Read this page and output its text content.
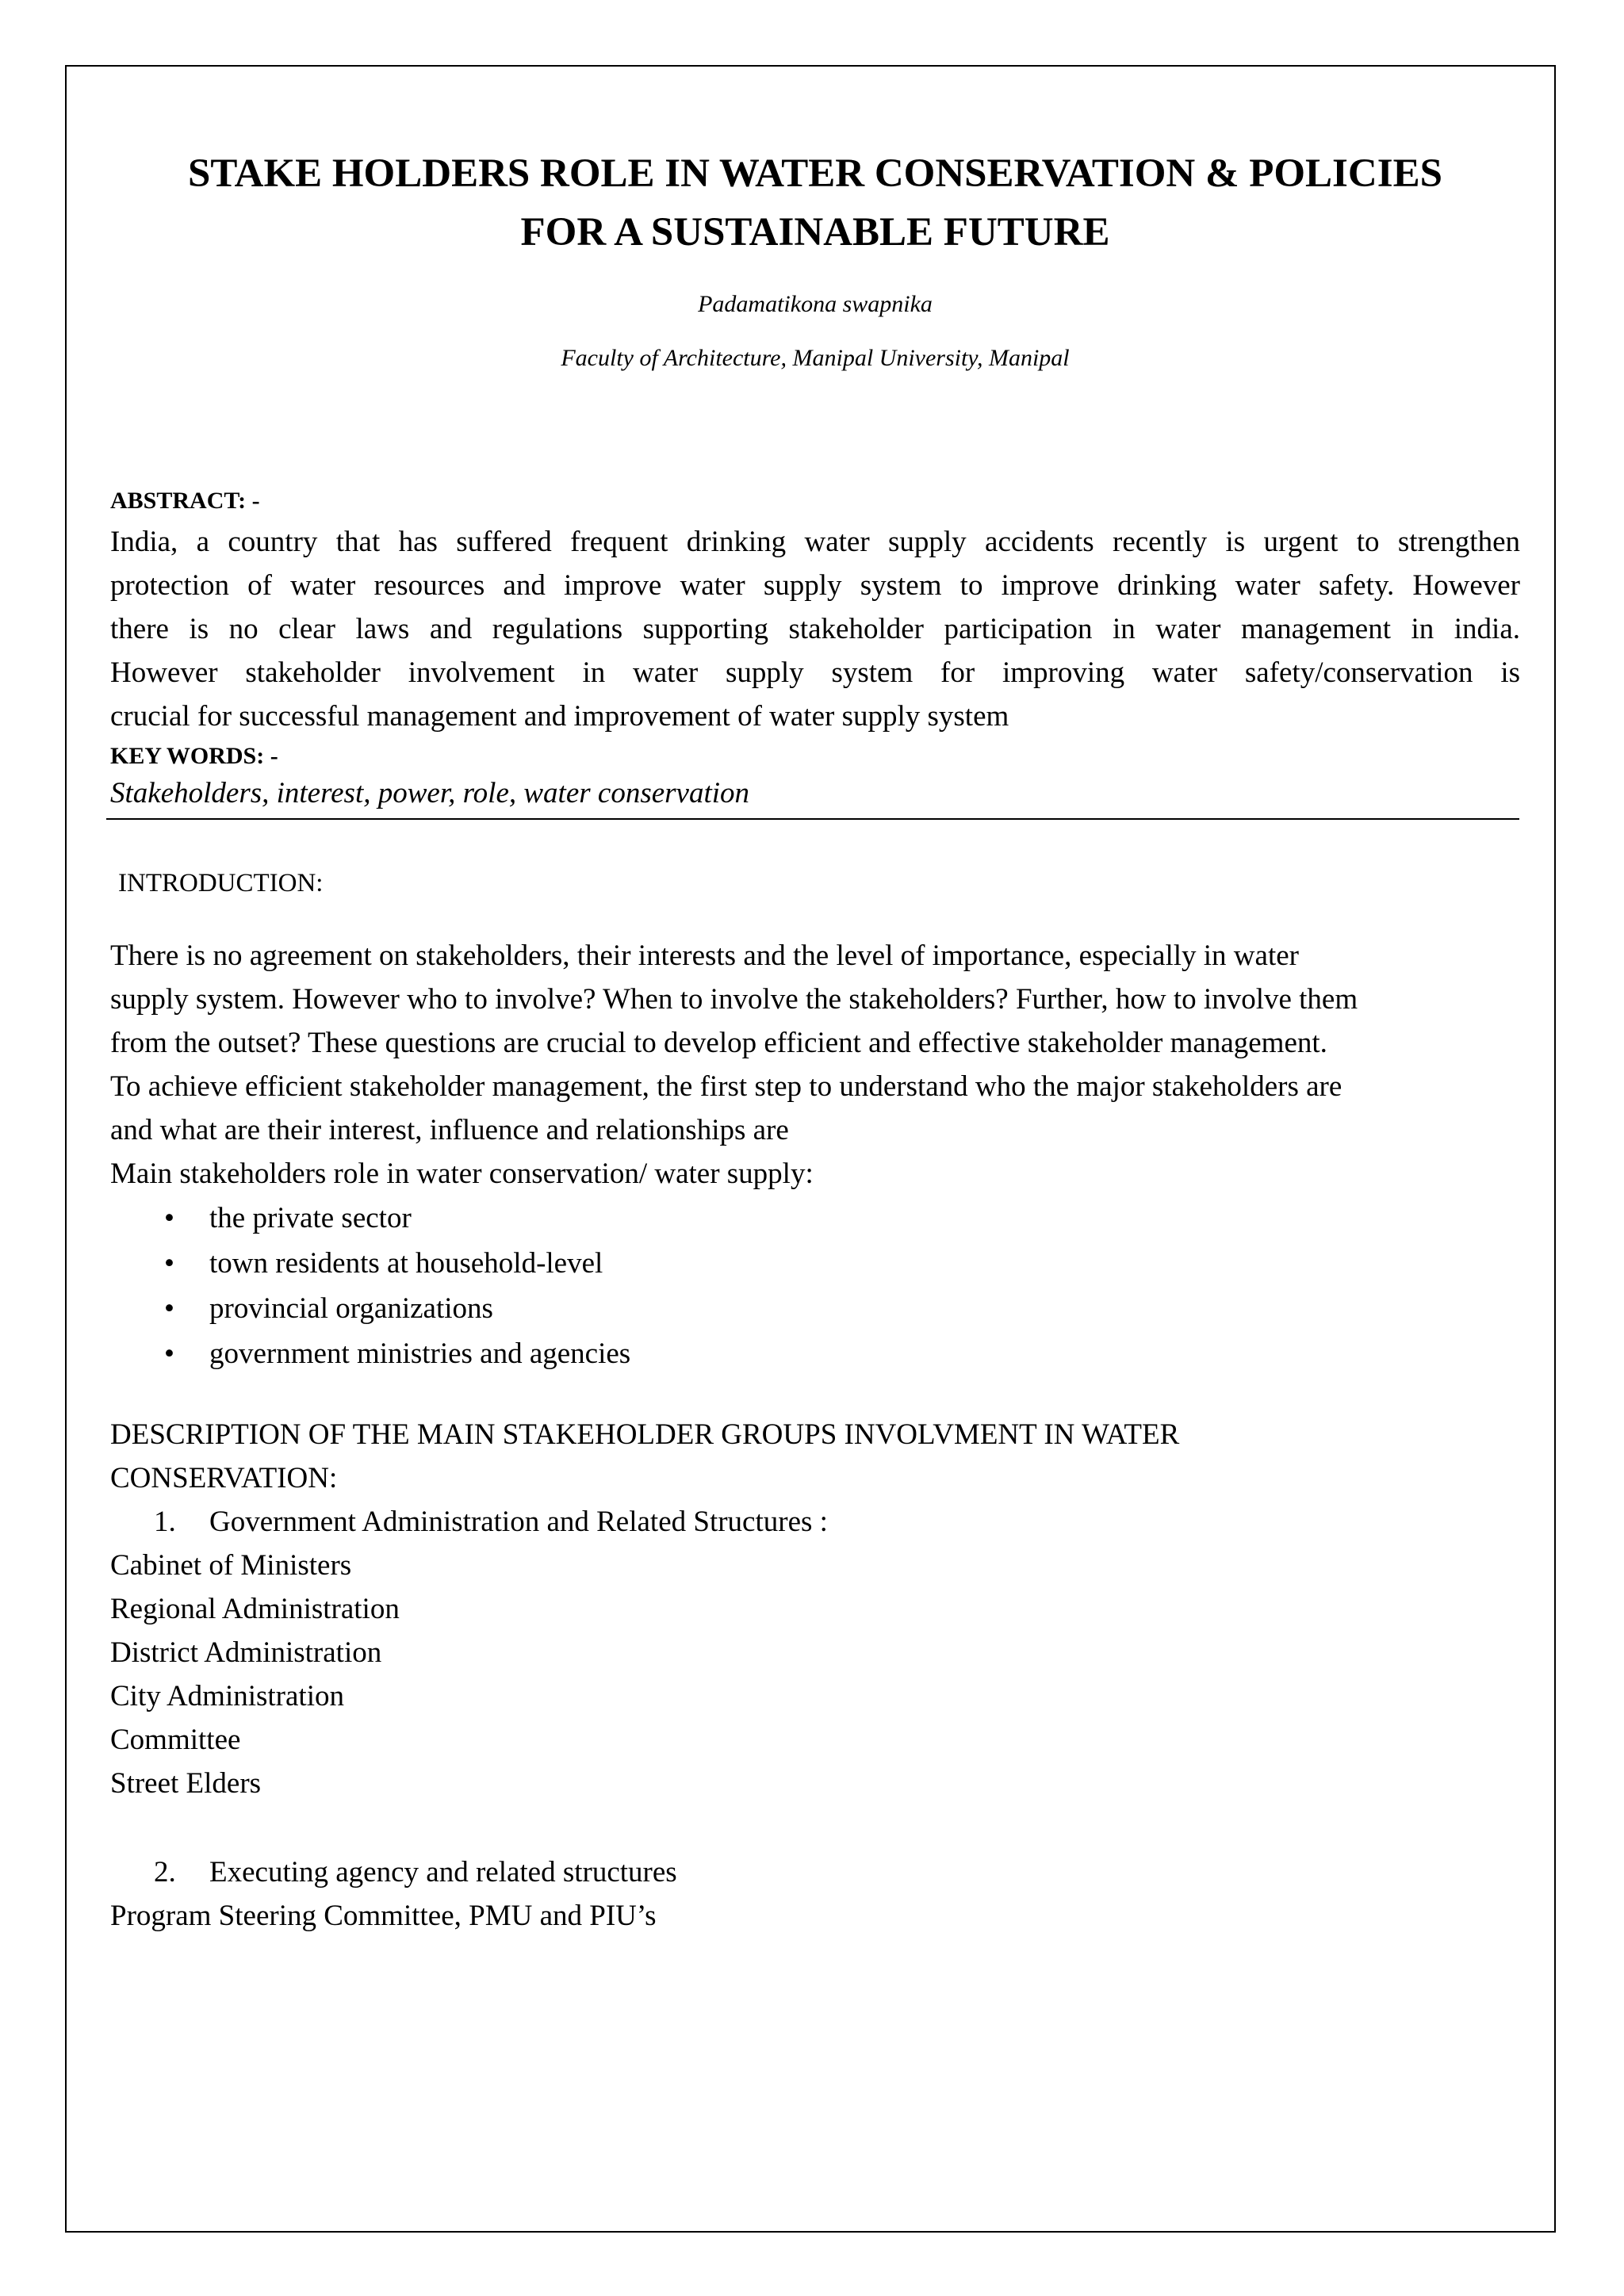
STAKE HOLDERS ROLE IN WATER CONSERVATION & POLICIES
FOR A SUSTAINABLE FUTURE
Padamatikona swapnika
Faculty of Architecture, Manipal University, Manipal
ABSTRACT: -

India, a country that has suffered frequent drinking water supply accidents recently is urgent to strengthen
protection of water resources and improve water supply system to improve drinking water safety. However
there is no clear laws and regulations supporting stakeholder participation in water management in india.
However stakeholder involvement in water supply system for improving water safety/conservation is
crucial for successful management and improvement of water supply system

KEY WORDS: -
Stakeholders, interest, power, role, water conservation
INTRODUCTION:

There is no agreement on stakeholders, their interests and the level of importance, especially in water
supply system. However who to involve? When to involve the stakeholders? Further, how to involve them
from the outset? These questions are crucial to develop efficient and effective stakeholder management.
To achieve efficient stakeholder management, the first step to understand who the major stakeholders are
and what are their interest, influence and relationships are
Main stakeholders role in water conservation/ water supply:

• the private sector
• town residents at household-level
• provincial organizations
• government ministries and agencies

DESCRIPTION OF THE MAIN STAKEHOLDER GROUPS INVOLVMENT IN WATER
CONSERVATION:

1. Government Administration and Related Structures :
Cabinet of Ministers
Regional Administration
District Administration
City Administration
Committee
Street Elders
2. Executing agency and related structures
Program Steering Committee, PMU and PIU’s
